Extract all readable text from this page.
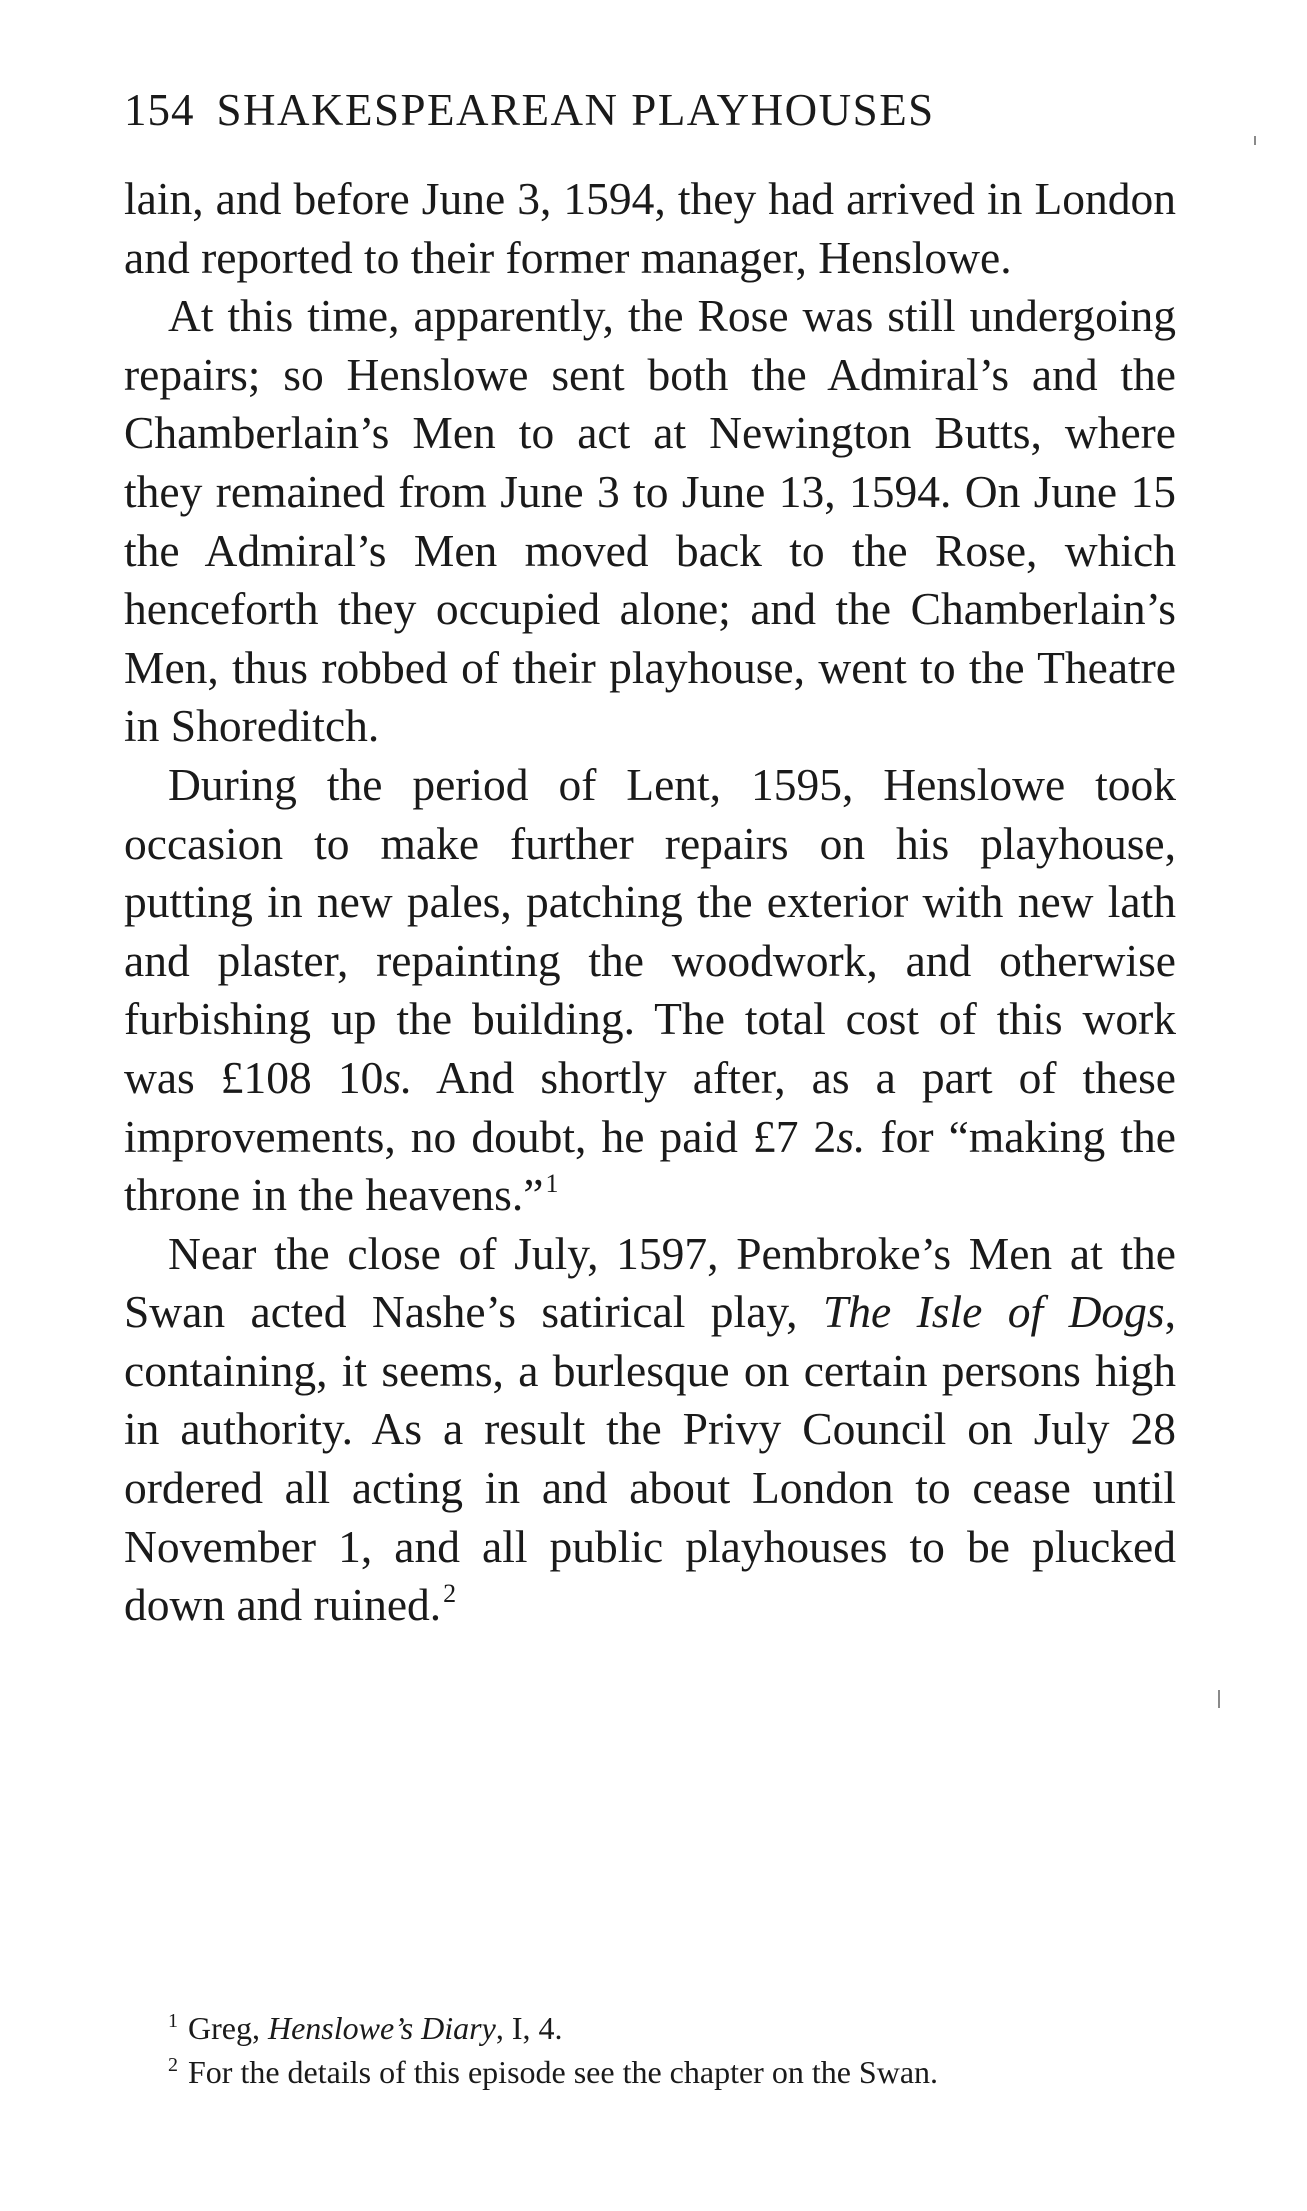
154 SHAKESPEAREAN PLAYHOUSES

lain, and before June 3, 1594, they had arrived in London and reported to their former manager, Henslowe.

At this time, apparently, the Rose was still undergoing repairs; so Henslowe sent both the Admiral’s and the Chamberlain’s Men to act at Newington Butts, where they remained from June 3 to June 13, 1594. On June 15 the Admiral’s Men moved back to the Rose, which henceforth they occupied alone; and the Chamberlain’s Men, thus robbed of their playhouse, went to the Theatre in Shoreditch.

During the period of Lent, 1595, Henslowe took occasion to make further repairs on his playhouse, putting in new pales, patching the exterior with new lath and plaster, repainting the woodwork, and otherwise furbishing up the building. The total cost of this work was £108 10s. And shortly after, as a part of these improvements, no doubt, he paid £7 2s. for “making the throne in the heavens.”$^1$

Near the close of July, 1597, Pembroke’s Men at the Swan acted Nashe’s satirical play, The Isle of Dogs, containing, it seems, a burlesque on certain persons high in authority. As a result the Privy Council on July 28 ordered all acting in and about London to cease until November 1, and all public playhouses to be plucked down and ruined.$^2$

$^1$ Greg, Henslowe’s Diary, I, 4.

$^2$ For the details of this episode see the chapter on the Swan.
